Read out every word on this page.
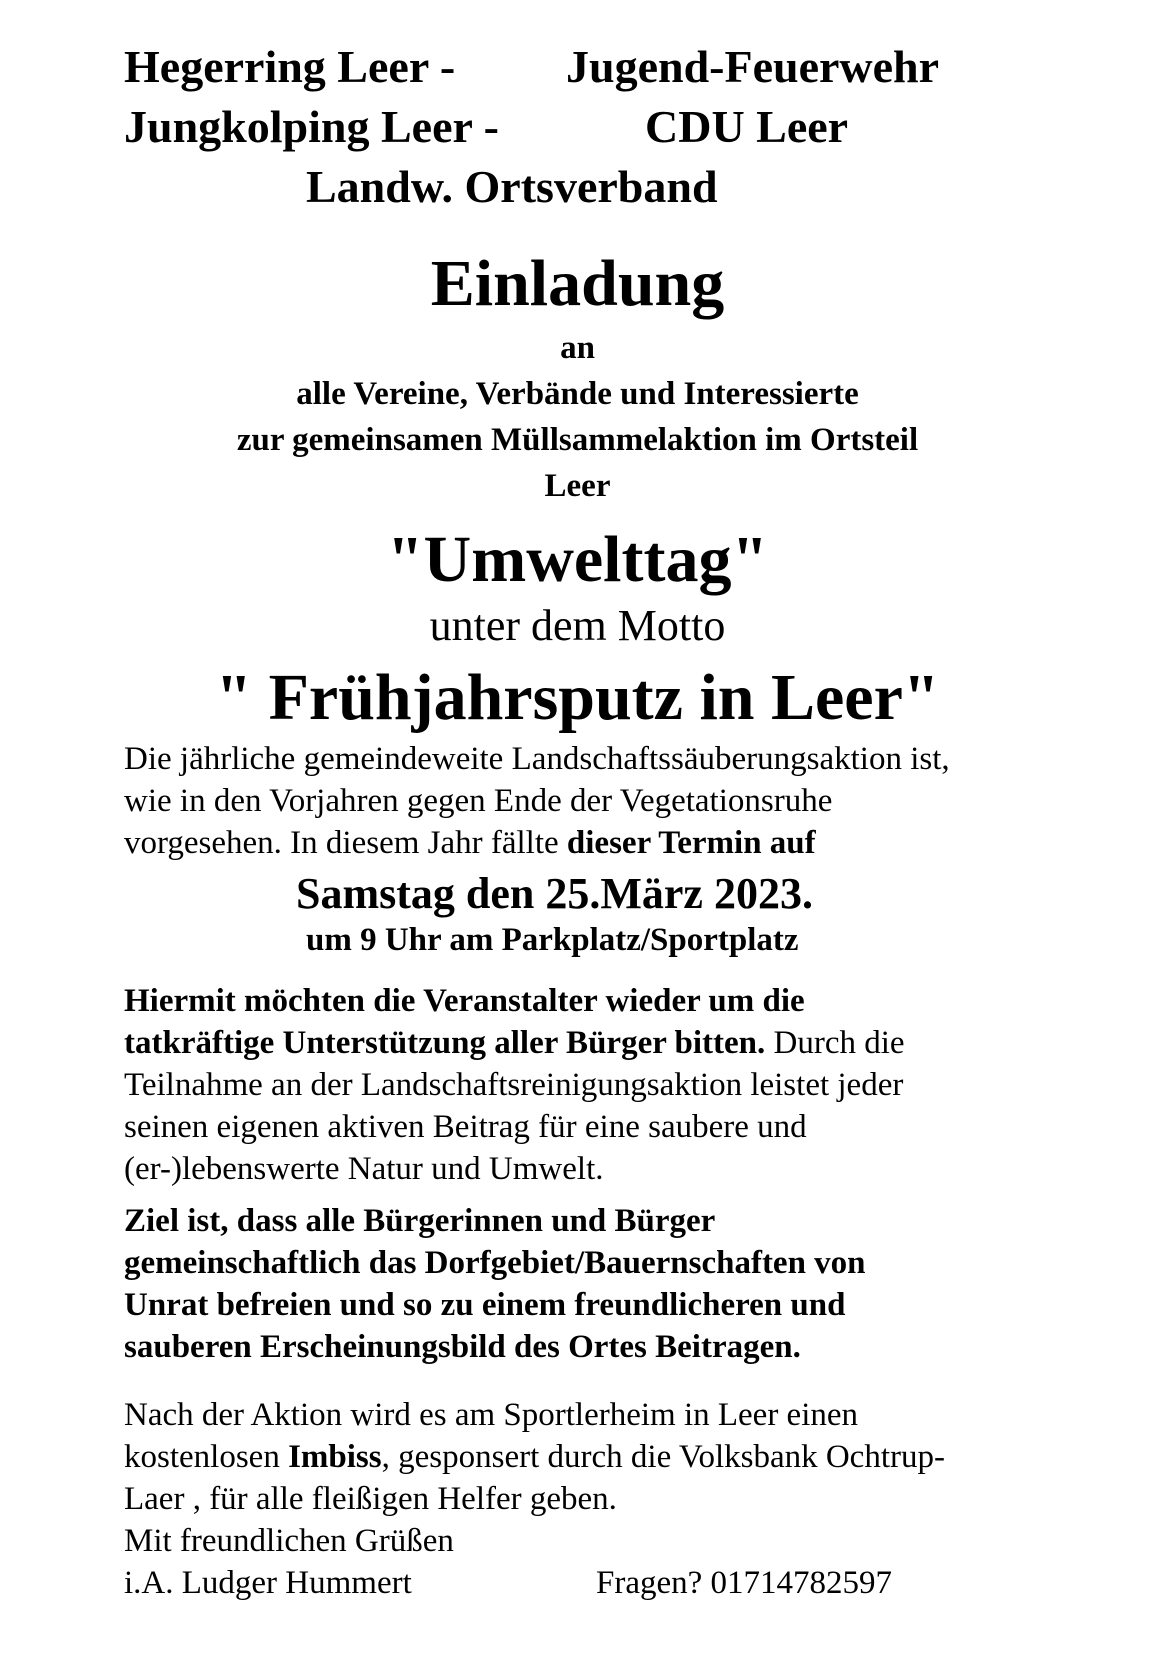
Hegerring Leer - Jugend-Feuerwehr
Jungkolping Leer -	CDU Leer
Landw. Ortsverband
Einladung
an
alle Vereine, Verbände und Interessierte
zur gemeinsamen Müllsammelaktion im Ortsteil
Leer
"Umwelttag"
unter dem Motto
" Frühjahrsputz in Leer"
Die jährliche gemeindeweite Landschaftssäuberungsaktion ist,
wie in den Vorjahren gegen Ende der Vegetationsruhe
vorgesehen. In diesem Jahr fällte dieser Termin auf
Samstag den 25.März 2023.
um 9 Uhr am Parkplatz/Sportplatz
Hiermit möchten die Veranstalter wieder um die
tatkräftige Unterstützung aller Bürger bitten. Durch die
Teilnahme an der Landschaftsreinigungsaktion leistet jeder
seinen eigenen aktiven Beitrag für eine saubere und
(er-)lebenswerte Natur und Umwelt.
Ziel ist, dass alle Bürgerinnen und Bürger
gemeinschaftlich das Dorfgebiet/Bauernschaften von
Unrat befreien und so zu einem freundlicheren und
sauberen Erscheinungsbild des Ortes Beitragen.
Nach der Aktion wird es am Sportlerheim in Leer einen
kostenlosen Imbiss, gesponsert durch die Volksbank Ochtrup-
Laer , für alle fleißigen Helfer geben.
Mit freundlichen Grüßen
i.A. Ludger Hummert	Fragen? 01714782597
